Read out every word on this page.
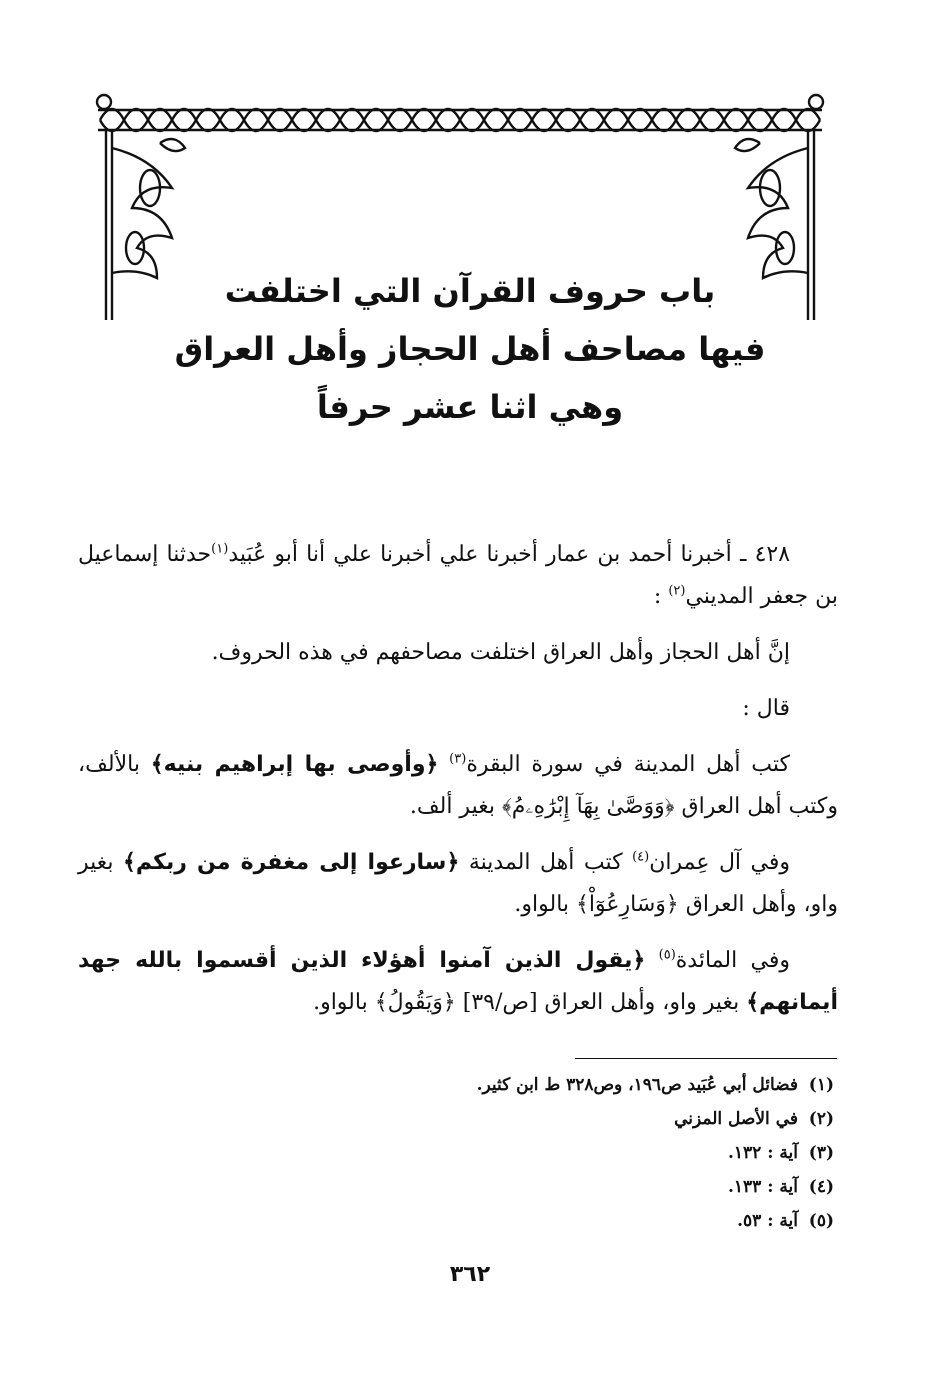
باب حروف القرآن التي اختلفت
فيها مصاحف أهل الحجاز وأهل العراق
وهي اثنا عشر حرفاً

٤٢٨ ـ أخبرنا أحمد بن عمار أخبرنا علي أخبرنا علي أنا أبو عُبَيد$^{(١)}$حدثنا إسماعيل بن جعفر المديني$^{(٢)}$ :

إنَّ أهل الحجاز وأهل العراق اختلفت مصاحفهم في هذه الحروف.

قال :

كتب أهل المدينة في سورة البقرة$^{(٣)}$ ﴿وأوصى بها إبراهيم بنيه﴾ بالألف، وكتب أهل العراق ﴿وَوَصَّىٰ بِهَآ إِبْرَٰهِۦمُ﴾ بغير ألف.

وفي آل عِمران$^{(٤)}$ كتب أهل المدينة ﴿سارعوا إلى مغفرة من ربكم﴾ بغير واو، وأهل العراق ﴿وَسَارِعُوٓاْ﴾ بالواو.

وفي المائدة$^{(٥)}$ ﴿يقول الذين آمنوا أهؤلاء الذين أقسموا بالله جهد أيمانهم﴾ بغير واو، وأهل العراق [ص/٣٩] ﴿وَيَقُولُ﴾ بالواو.

(١)فضائل أبي عُبَيد ص١٩٦، وص٣٢٨ ط ابن كثير.
(٢)في الأصل المزني
(٣)آية : ١٣٢.
(٤)آية : ١٣٣.
(٥)آية : ٥٣.
٣٦٢
